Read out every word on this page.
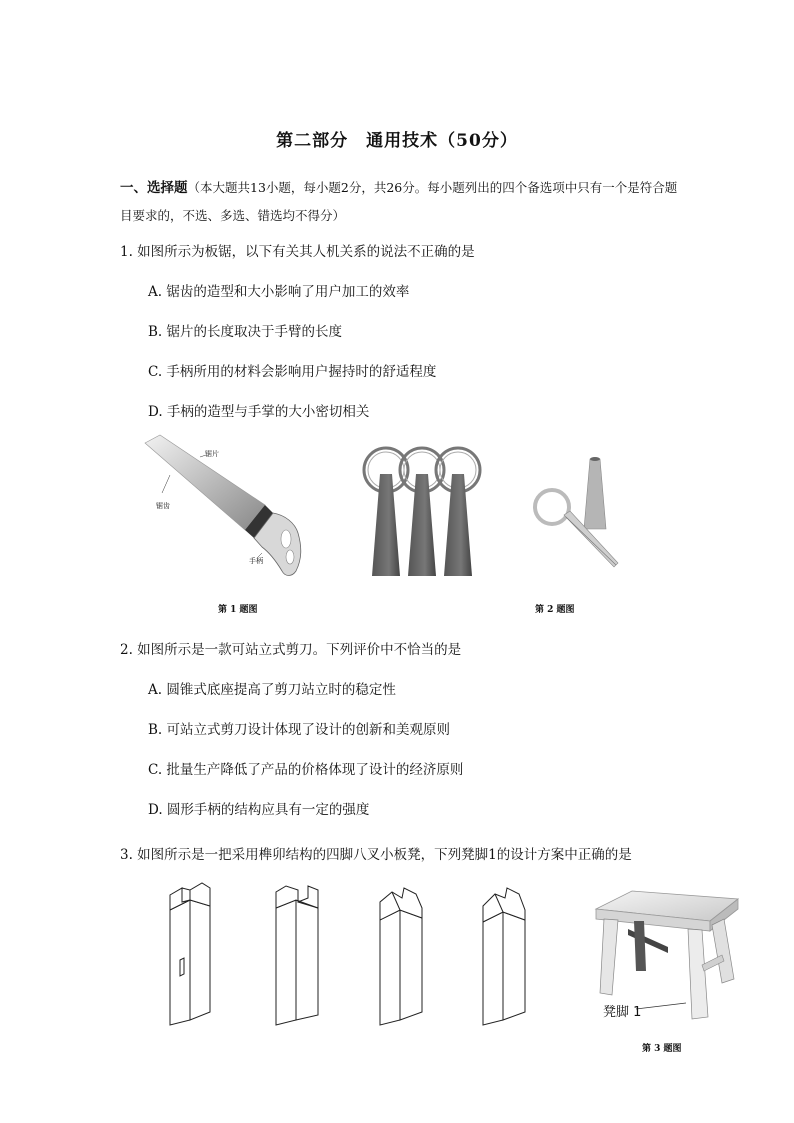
第二部分　通用技术（50分）
一、选择题（本大题共13小题，每小题2分，共26分。每小题列出的四个备选项中只有一个是符合题目要求的，不选、多选、错选均不得分）
1. 如图所示为板锯，以下有关其人机关系的说法不正确的是
A. 锯齿的造型和大小影响了用户加工的效率
B. 锯片的长度取决于手臂的长度
C. 手柄所用的材料会影响用户握持时的舒适程度
D. 手柄的造型与手掌的大小密切相关
锯片
锯齿
手柄
第 1 题图	第 2 题图
2. 如图所示是一款可站立式剪刀。下列评价中不恰当的是
A. 圆锥式底座提高了剪刀站立时的稳定性
B. 可站立式剪刀设计体现了设计的创新和美观原则
C. 批量生产降低了产品的价格体现了设计的经济原则
D. 圆形手柄的结构应具有一定的强度
3. 如图所示是一把采用榫卯结构的四脚八叉小板凳，下列凳脚1的设计方案中正确的是
凳脚 1
第 3 题图
